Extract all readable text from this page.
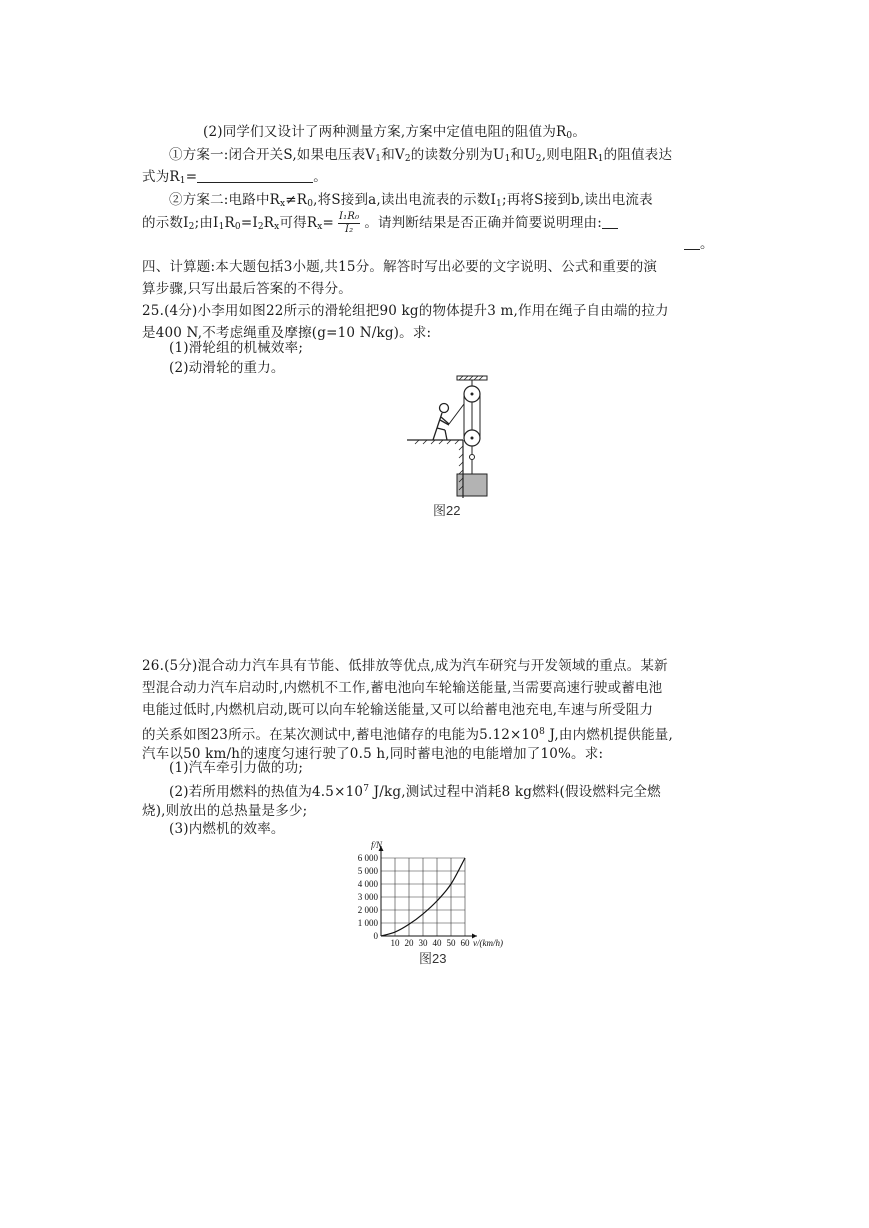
(2)同学们又设计了两种测量方案,方案中定值电阻的阻值为$R_0$。
①方案一:闭合开关S,如果电压表$V_1$和$V_2$的读数分别为$U_1$和$U_2$,则电阻$R_1$的阻值表达
式为$R_1=$	。
②方案二:电路中$R_x\ne R_0$,将S接到a,读出电流表的示数$I_1$;再将S接到b,读出电流表
的示数$I_2$;由$I_1R_0=I_2R_x$可得$R_x= \frac{\text{I₁R₀}}{\text{I₂}}$ 。请判断结果是否正确并简要说明理由:
。
四、计算题:本大题包括3小题,共15分。解答时写出必要的文字说明、公式和重要的演
算步骤,只写出最后答案的不得分。
25.(4分)小李用如图22所示的滑轮组把90 kg的物体提升3 m,作用在绳子自由端的拉力
是400 N,不考虑绳重及摩擦(g=10 N/kg)。求:
(1)滑轮组的机械效率;
(2)动滑轮的重力。
图22
26.(5分)混合动力汽车具有节能、低排放等优点,成为汽车研究与开发领域的重点。某新
型混合动力汽车启动时,内燃机不工作,蓄电池向车轮输送能量,当需要高速行驶或蓄电池
电能过低时,内燃机启动,既可以向车轮输送能量,又可以给蓄电池充电,车速与所受阻力
的关系如图23所示。在某次测试中,蓄电池储存的电能为$5.12\times 10^8$ J,由内燃机提供能量,
汽车以50 km/h的速度匀速行驶了0.5 h,同时蓄电池的电能增加了10%。求:
(1)汽车牵引力做的功;
(2)若所用燃料的热值为$4.5\times 10^7$ J/kg,测试过程中消耗8 kg燃料(假设燃料完全燃
烧),则放出的总热量是多少;
(3)内燃机的效率。
10 20 30 40 50 60
1 000
2 000
3 000
4 000
5 000
6 000
0
f/N
v/(km/h)
图23
